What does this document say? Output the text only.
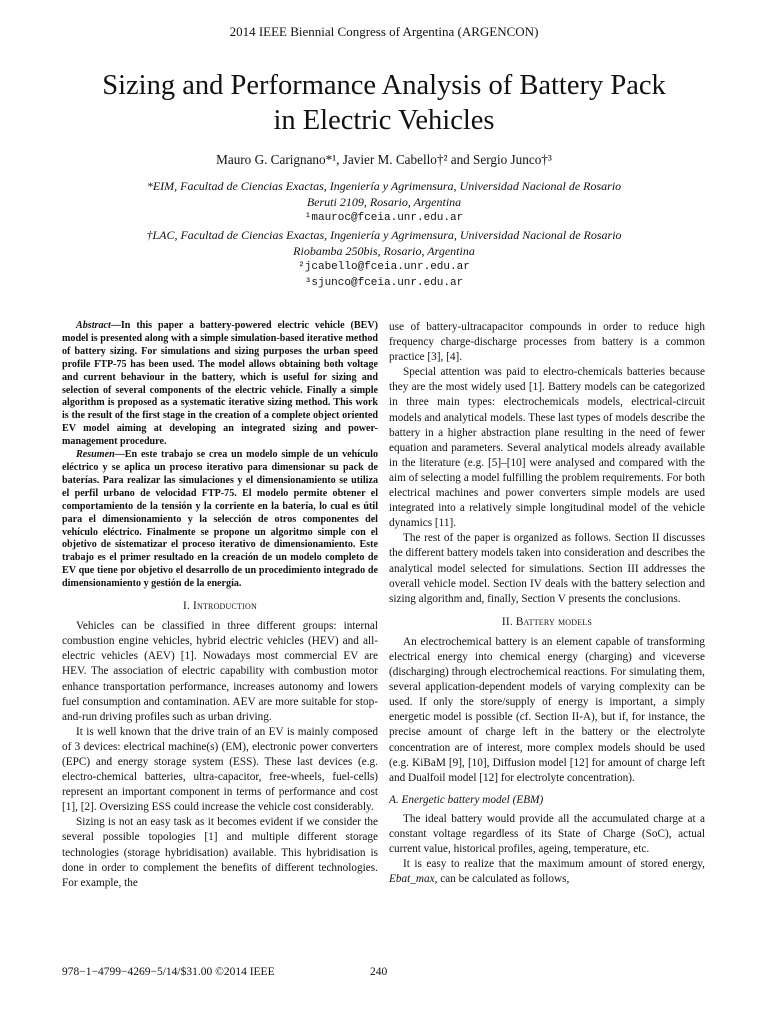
2014 IEEE Biennial Congress of Argentina (ARGENCON)
Sizing and Performance Analysis of Battery Pack
in Electric Vehicles
Mauro G. Carignano*¹, Javier M. Cabello†² and Sergio Junco†³
*EIM, Facultad de Ciencias Exactas, Ingeniería y Agrimensura, Universidad Nacional de Rosario
Beruti 2109, Rosario, Argentina
¹mauroc@fceia.unr.edu.ar
†LAC, Facultad de Ciencias Exactas, Ingeniería y Agrimensura, Universidad Nacional de Rosario
Riobamba 250bis, Rosario, Argentina
²jcabello@fceia.unr.edu.ar
³sjunco@fceia.unr.edu.ar

Abstract—In this paper a battery-powered electric vehicle (BEV) model is presented along with a simple simulation-based iterative method of battery sizing. For simulations and sizing purposes the urban speed profile FTP-75 has been used. The model allows obtaining both voltage and current behaviour in the battery, which is useful for sizing and selection of several components of the electric vehicle. Finally a simple algorithm is proposed as a systematic iterative sizing method. This work is the result of the first stage in the creation of a complete object oriented EV model aiming at developing an integrated sizing and power-management procedure.

Resumen—En este trabajo se crea un modelo simple de un vehículo eléctrico y se aplica un proceso iterativo para dimensionar su pack de baterías. Para realizar las simulaciones y el dimensionamiento se utiliza el perfil urbano de velocidad FTP-75. El modelo permite obtener el comportamiento de la tensión y la corriente en la batería, lo cual es útil para el dimensionamiento y la selección de otros componentes del vehículo eléctrico. Finalmente se propone un algoritmo simple con el objetivo de sistematizar el proceso iterativo de dimensionamiento. Este trabajo es el primer resultado en la creación de un modelo completo de EV que tiene por objetivo el desarrollo de un procedimiento integrado de dimensionamiento y gestión de la energía.

I. Introduction

Vehicles can be classified in three different groups: internal combustion engine vehicles, hybrid electric vehicles (HEV) and all-electric vehicles (AEV) [1]. Nowadays most commercial EV are HEV. The association of electric capability with combustion motor enhance transportation performance, increases autonomy and lowers fuel consumption and contamination. AEV are more suitable for stop-and-run driving profiles such as urban driving.

It is well known that the drive train of an EV is mainly composed of 3 devices: electrical machine(s) (EM), electronic power converters (EPC) and energy storage system (ESS). These last devices (e.g. electro-chemical batteries, ultra-capacitor, free-wheels, fuel-cells) represent an important component in terms of performance and cost [1], [2]. Oversizing ESS could increase the vehicle cost considerably.

Sizing is not an easy task as it becomes evident if we consider the several possible topologies [1] and multiple different storage technologies (storage hybridisation) available. This hybridisation is done in order to complement the benefits of different technologies. For example, the

use of battery-ultracapacitor compounds in order to reduce high frequency charge-discharge processes from battery is a common practice [3], [4].

Special attention was paid to electro-chemicals batteries because they are the most widely used [1]. Battery models can be categorized in three main types: electrochemicals models, electrical-circuit models and analytical models. These last types of models describe the battery in a higher abstraction plane resulting in the need of fewer equation and parameters. Several analytical models already available in the literature (e.g. [5]–[10] were analysed and compared with the aim of selecting a model fulfilling the problem requirements. For both electrical machines and power converters simple models are used integrated into a relatively simple longitudinal model of the vehicle dynamics [11].

The rest of the paper is organized as follows. Section II discusses the different battery models taken into consideration and describes the analytical model selected for simulations. Section III addresses the overall vehicle model. Section IV deals with the battery selection and sizing algorithm and, finally, Section V presents the conclusions.

II. Battery models

An electrochemical battery is an element capable of transforming electrical energy into chemical energy (charging) and viceverse (discharging) through electrochemical reactions. For simulating them, several application-dependent models of varying complexity can be used. If only the store/supply of energy is important, a simply energetic model is possible (cf. Section II-A), but if, for instance, the precise amount of charge left in the battery or the electrolyte concentration are of interest, more complex models should be used (e.g. KiBaM [9], [10], Diffusion model [12] for amount of charge left and Dualfoil model [12] for electrolyte concentration).

A. Energetic battery model (EBM)

The ideal battery would provide all the accumulated charge at a constant voltage regardless of its State of Charge (SoC), actual current value, historical profiles, ageing, temperature, etc.

It is easy to realize that the maximum amount of stored energy, Ebat_max, can be calculated as follows,

978−1−4799−4269−5/14/$31.00 ©2014 IEEE	240
